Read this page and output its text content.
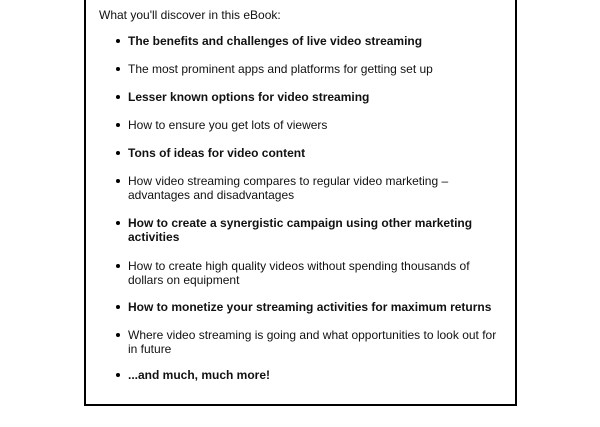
What you'll discover in this eBook:

The benefits and challenges of live video streaming
The most prominent apps and platforms for getting set up
Lesser known options for video streaming
How to ensure you get lots of viewers
Tons of ideas for video content
How video streaming compares to regular video marketing – advantages and disadvantages
How to create a synergistic campaign using other marketing activities
How to create high quality videos without spending thousands of dollars on equipment
How to monetize your streaming activities for maximum returns
Where video streaming is going and what opportunities to look out for in future
...and much, much more!
